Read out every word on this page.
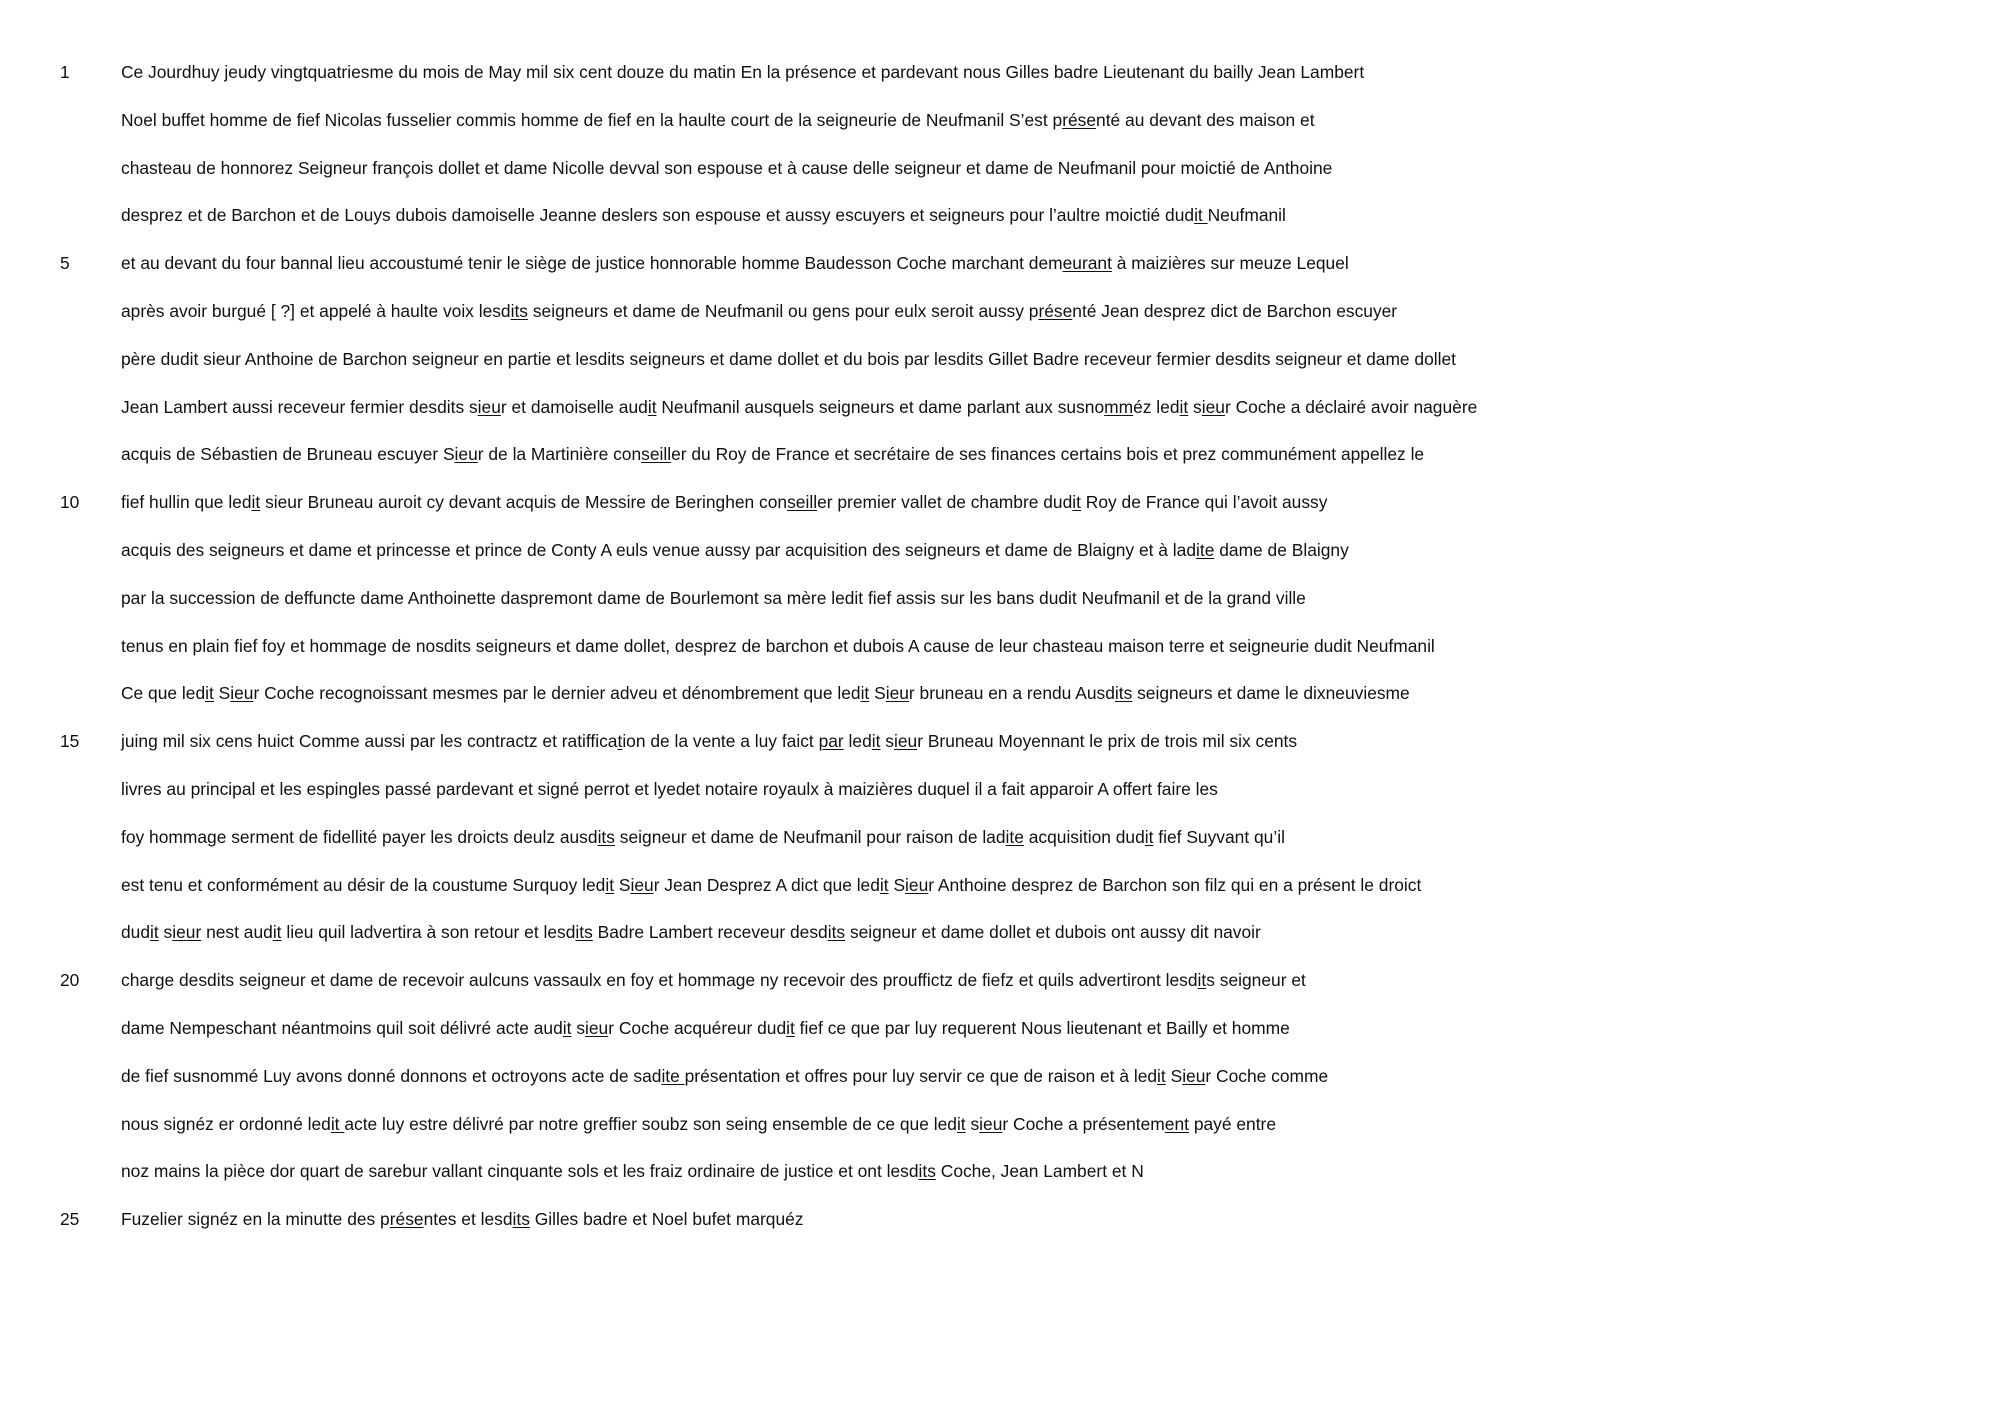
1	Ce Jourdhuy jeudy vingtquatriesme du mois de May mil six cent douze du matin En la présence et pardevant nous Gilles badre Lieutenant du bailly Jean Lambert
Noel buffet homme de fief Nicolas fusselier commis homme de fief en la haulte court de la seigneurie de Neufmanil S’est présenté au devant des maison et
chasteau de honnorez Seigneur françois dollet et dame Nicolle devval son espouse et à cause delle seigneur et dame de Neufmanil pour moictié de Anthoine
desprez et de Barchon et de Louys dubois damoiselle Jeanne deslers son espouse et aussy escuyers et seigneurs pour l’aultre moictié dudit Neufmanil
5	et au devant du four bannal lieu accoustumé tenir le siège de justice honnorable homme Baudesson Coche marchant demeurant à maizières sur meuze Lequel
après avoir burgué [ ?] et appelé à haulte voix lesdits seigneurs et dame de Neufmanil ou gens pour eulx seroit aussy présenté Jean desprez dict de Barchon escuyer
père dudit sieur Anthoine de Barchon seigneur en partie et lesdits seigneurs et dame dollet et du bois par lesdits Gillet Badre receveur fermier desdits seigneur et dame dollet
Jean Lambert aussi receveur fermier desdits sieur et damoiselle audit Neufmanil ausquels seigneurs et dame parlant aux susnomméz ledit sieur Coche a déclairé avoir naguère
acquis de Sébastien de Bruneau escuyer Sieur de la Martinière conseiller du Roy de France et secrétaire de ses finances certains bois et prez communément appellez le
10	fief hullin que ledit sieur Bruneau auroit cy devant acquis de Messire de Beringhen conseiller premier vallet de chambre dudit Roy de France qui l’avoit aussy
acquis des seigneurs et dame et princesse et prince de Conty A euls venue aussy par acquisition des seigneurs et dame de Blaigny et à ladite dame de Blaigny
par la succession de deffuncte dame Anthoinette daspremont dame de Bourlemont sa mère ledit fief assis sur les bans dudit Neufmanil et de la grand ville
tenus en plain fief foy et hommage de nosdits seigneurs et dame dollet, desprez de barchon et dubois A cause de leur chasteau maison terre et seigneurie dudit Neufmanil
Ce que ledit Sieur Coche recognoissant mesmes par le dernier adveu et dénombrement que ledit Sieur bruneau en a rendu Ausdits seigneurs et dame le dixneuviesme
15	juing mil six cens huict Comme aussi par les contractz et ratiffication de la vente a luy faict par ledit sieur Bruneau Moyennant le prix de trois mil six cents
livres au principal et les espingles passé pardevant et signé perrot et lyedet notaire royaulx à maizières duquel il a fait apparoir A offert faire les
foy hommage serment de fidellité payer les droicts deulz ausdits seigneur et dame de Neufmanil pour raison de ladite acquisition dudit fief Suyvant qu’il
est tenu et conformément au désir de la coustume Surquoy ledit Sieur Jean Desprez A dict que ledit Sieur Anthoine desprez de Barchon son filz qui en a présent le droict
dudit sieur nest audit lieu quil ladvertira à son retour et lesdits Badre Lambert receveur desdits seigneur et dame dollet et dubois ont aussy dit navoir
20	charge desdits seigneur et dame de recevoir aulcuns vassaulx en foy et hommage ny recevoir des prouffictz de fiefz et quils advertiront lesdits seigneur et
dame Nempeschant néantmoins quil soit délivré acte audit sieur Coche acquéreur dudit fief ce que par luy requerent Nous lieutenant et Bailly et homme
de fief susnommé Luy avons donné donnons et octroyons acte de sadite présentation et offres pour luy servir ce que de raison et à ledit Sieur Coche comme
nous signéz er ordonné ledit acte luy estre délivré par notre greffier soubz son seing ensemble de ce que ledit sieur Coche a présentement payé entre
noz mains la pièce dor quart de sarebur vallant cinquante sols et les fraiz ordinaire de justice et ont lesdits Coche, Jean Lambert et N
25	Fuzelier signéz en la minutte des présentes et lesdits Gilles badre et Noel bufet marquéz
